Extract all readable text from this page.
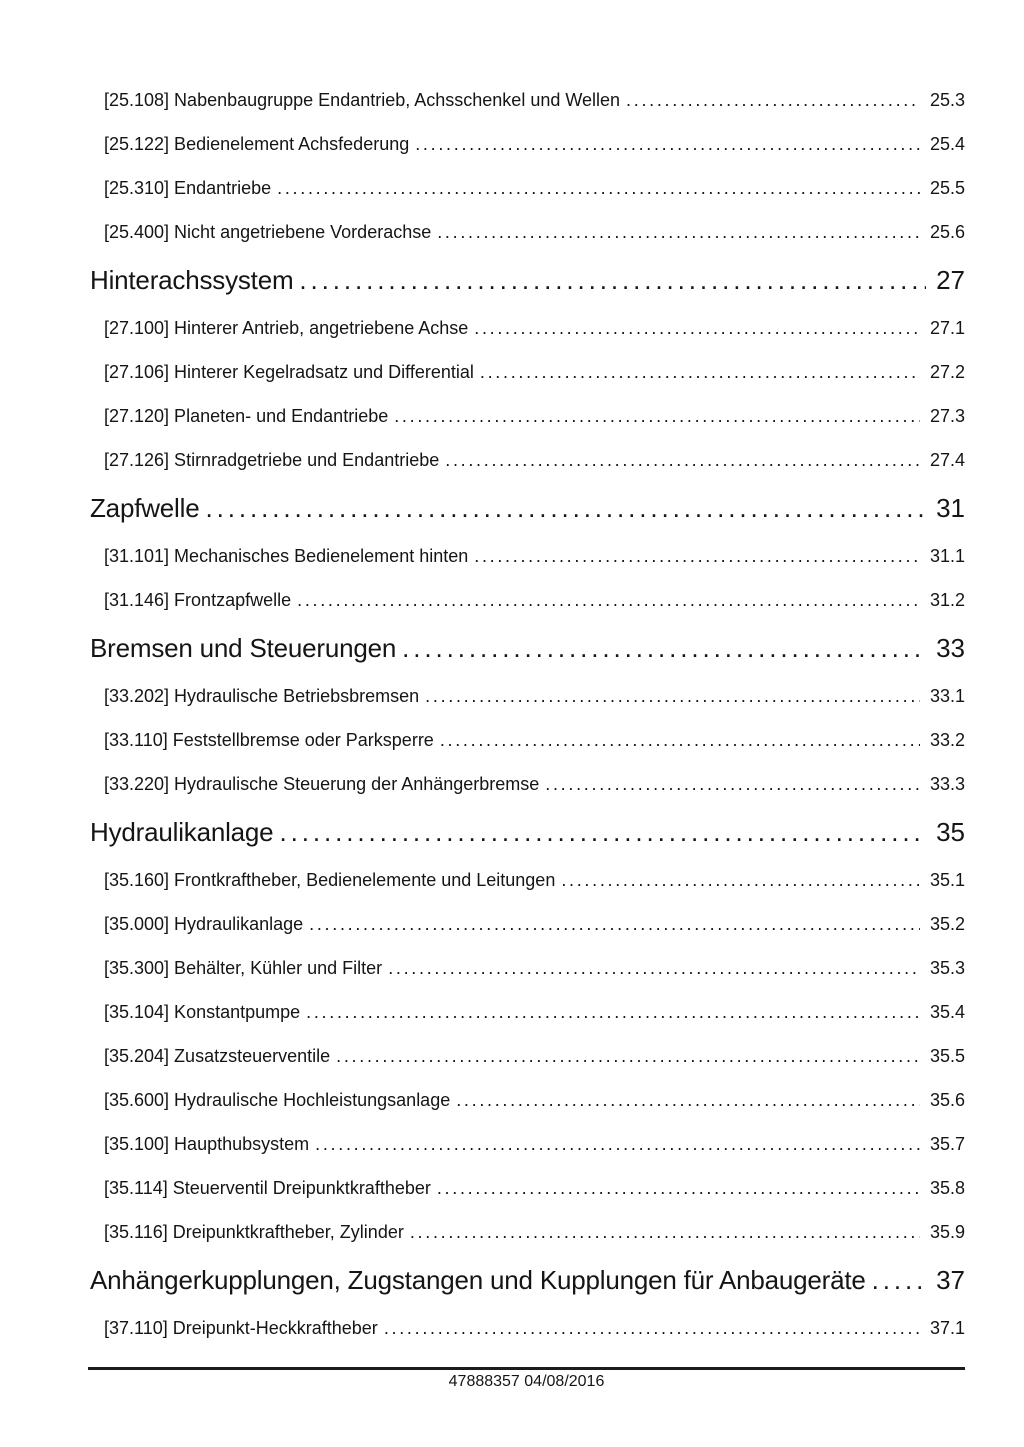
[25.108] Nabenbaugruppe Endantrieb, Achsschenkel und Wellen .....	25.3
[25.122] Bedienelement Achsfederung .....	25.4
[25.310] Endantriebe .....	25.5
[25.400] Nicht angetriebene Vorderachse .....	25.6
Hinterachssystem .....	27
[27.100] Hinterer Antrieb, angetriebene Achse .....	27.1
[27.106] Hinterer Kegelradsatz und Differential .....	27.2
[27.120] Planeten- und Endantriebe .....	27.3
[27.126] Stirnradgetriebe und Endantriebe .....	27.4
Zapfwelle .....	31
[31.101] Mechanisches Bedienelement hinten .....	31.1
[31.146] Frontzapfwelle .....	31.2
Bremsen und Steuerungen .....	33
[33.202] Hydraulische Betriebsbremsen .....	33.1
[33.110] Feststellbremse oder Parksperre .....	33.2
[33.220] Hydraulische Steuerung der Anhängerbremse .....	33.3
Hydraulikanlage .....	35
[35.160] Frontkraftheber, Bedienelemente und Leitungen .....	35.1
[35.000] Hydraulikanlage .....	35.2
[35.300] Behälter, Kühler und Filter .....	35.3
[35.104] Konstantpumpe .....	35.4
[35.204] Zusatzsteuerventile .....	35.5
[35.600] Hydraulische Hochleistungsanlage .....	35.6
[35.100] Haupthubsystem .....	35.7
[35.114] Steuerventil Dreipunktkraftheber .....	35.8
[35.116] Dreipunktkraftheber, Zylinder .....	35.9
Anhängerkupplungen, Zugstangen und Kupplungen für Anbaugeräte .....	37
[37.110] Dreipunkt-Heckkraftheber .....	37.1
47888357 04/08/2016
